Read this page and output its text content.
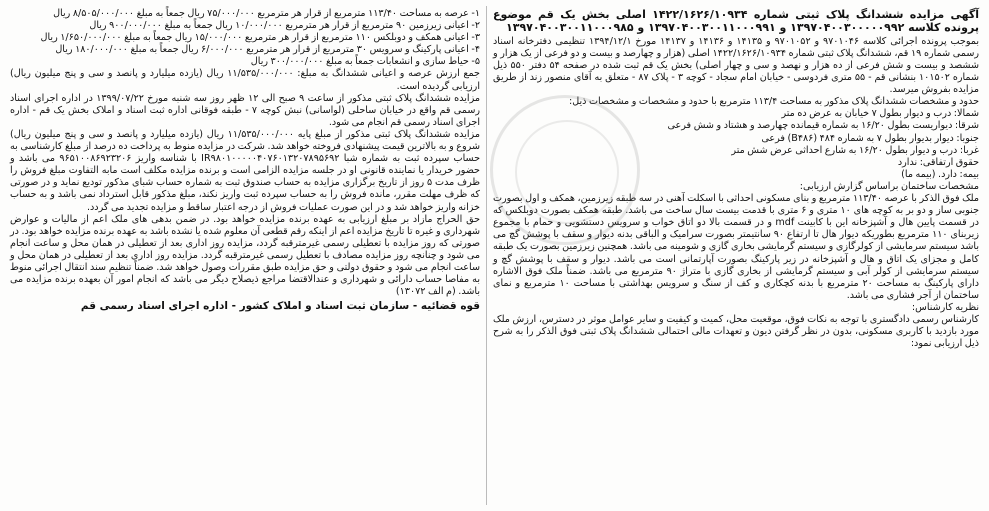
آگهی مزایده ششدانگ پلاک ثبتی شماره ۱۴۲۲/۱۶۲۶/۱۰۹۳۴ اصلی بخش یک قم موضوع پرونده کلاسه ۱۳۹۷۰۴۰۰۳۰۰۰۰۰۹۹۲ و ۱۳۹۷۰۴۰۰۳۰۰۱۱۰۰۰۹۹۱ و ۱۳۹۷۰۴۰۰۳۰۰۱۱۰۰۰۹۸۵

بموجب پرونده اجرائی کلاسه ۹۷۰۱۰۴۶ و ۹۷۰۱۰۵۲ و ۱۴۱۳۵ و ۱۴۱۳۶ و ۱۴۱۳۷ مورخ ۱۳۹۴/۱۲/۱ تنظیمی دفترخانه اسناد رسمی شماره ۱۹ قم، ششدانگ پلاک ثبتی شماره ۱۴۲۲/۱۶۲۶/۱۰۹۳۴ اصلی (هزار و چهارصد و بیست و دو فرعی از یک هزار و ششصد و بیست و شش فرعی از ده هزار و نهصد و سی و چهار اصلی) بخش یک قم ثبت شده در صفحه ۵۴ دفتر ۵۵۰ ذیل شماره ۱۰۱۵۰۲ بنشانی قم - ۵۵ متری فردوسی - خیابان امام سجاد - کوچه ۳ - پلاک ۸۷ - متعلق به آقای منصور زند از طریق مزایده بفروش میرسد.

حدود و مشخصات ششدانگ پلاک مذکور به مساحت ۱۱۳/۴ مترمربع با حدود و مشخصات و مشخصات ذیل:

شمالا: درب و دیوار بطول ۷ خیابان به عرض ده متر

شرقا: دیواریست بطول ۱۶/۲۰ به شماره قیمانده چهارصد و هشتاد و شش فرعی

جنوبا: دیوار بدیوار بطول ۷ به شماره ۴۸۴ (B۴۸۶) فرعی

غربا: درب و دیوار بطول ۱۶/۲۰ به شارع احداثی عرض شش متر

حقوق ارتفاقی: ندارد

بیمه: دارد. (بیمه ما)

مشخصات ساختمان براساس گزارش ارزیابی:

ملک فوق الذکر با عرصه ۱۱۳/۴۰ مترمربع و بنای مسکونی احداثی با اسکلت آهنی در سه طبقه زیرزمین، همکف و اول بصورت جنوبی ساز و دو بر به کوچه های ۱۰ متری و ۶ متری با قدمت بیست سال ساخت می باشد. طبقه همکف بصورت دوبلکس که در قسمت پایین هال و آشپزخانه این با کابینت mdf و در قسمت بالا دو اتاق خواب و سرویس دستشویی و حمام با مجموع زیربنای ۱۱۰ مترمربع بطوریکه دیوار هال تا ارتفاع ۹۰ سانتیمتر بصورت سرامیک و الباقی بدنه دیوار و سقف با پوشش گچ می باشد سیستم سرمایشی از کولرگازی و سیستم گرمایشی بخاری گازی و شومینه می باشد. همچنین زیرزمین بصورت یک طبقه کامل و مجزای یک اتاق و هال و آشپزخانه در زیر پارکینگ بصورت آپارتمانی است می باشد. دیوار و سقف با پوشش گچ و سیستم سرمایشی از کولر آبی و سیستم گرمایشی از بخاری گازی با متراژ ۹۰ مترمربع می باشد. ضمناً ملک فوق الاشاره دارای پارکینگ به مساحت ۲۰ مترمربع با بدنه کچکاری و کف از سنگ و سرویس بهداشتی با مساحت ۱۰ مترمربع و نمای ساختمان از آجر فشاری می باشد.

نظریه کارشناس:

کارشناس رسمی دادگستری با توجه به نکات فوق، موقعیت محل، کمیت و کیفیت و سایر عوامل موثر در دسترس، ارزش ملک مورد بازدید با کاربری مسکونی، بدون در نظر گرفتن دیون و تعهدات مالی احتمالی ششدانگ پلاک ثبتی فوق الذکر را به شرح ذیل ارزیابی نمود:

۱- عرصه به مساحت ۱۱۳/۴۰ مترمربع از قرار هر مترمربع ۷۵/۰۰۰/۰۰۰ ریال جمعاً به مبلغ ۸/۵۰۵/۰۰۰/۰۰۰ ریال

۲- اعیانی زیرزمین ۹۰ مترمربع از قرار هر مترمربع ۱۰/۰۰۰/۰۰۰ ریال جمعاً به مبلغ ۹۰۰/۰۰۰/۰۰۰ ریال

۳- اعیانی همکف و دوبلکس ۱۱۰ مترمربع از قرار هر مترمربع ۱۵/۰۰۰/۰۰۰ ریال جمعاً به مبلغ ۱/۶۵۰/۰۰۰/۰۰۰ ریال

۴- اعیانی پارکینگ و سرویس ۳۰ مترمربع از قرار هر مترمربع ۶/۰۰۰/۰۰۰ ریال جمعاً به مبلغ ۱۸۰/۰۰۰/۰۰۰ ریال

۵- حیاط سازی و انشعابات جمعاً به مبلغ ۳۰۰/۰۰۰/۰۰۰ ریال

جمع ارزش عرصه و اعیانی ششدانگ به مبلغ: ۱۱/۵۳۵/۰۰۰/۰۰۰ ریال (یازده میلیارد و پانصد و سی و پنج میلیون ریال) ارزیابی گردیده است.

مزایده ششدانگ پلاک ثبتی مذکور از ساعت ۹ صبح الی ۱۲ ظهر روز سه شنبه مورخ ۱۳۹۹/۰۷/۲۲ در اداره اجرای اسناد رسمی قم واقع در خیابان ساحلی (لواسانی) نبش کوچه ۷ - طبقه فوقانی اداره ثبت اسناد و املاک بخش یک قم - اداره اجرای اسناد رسمی قم انجام می شود.

مزایده ششدانگ پلاک ثبتی مذکور از مبلغ پایه ۱۱/۵۳۵/۰۰۰/۰۰۰ ریال (یازده میلیارد و پانصد و سی و پنج میلیون ریال) شروع و به بالاترین قیمت پیشنهادی فروخته خواهد شد. شرکت در مزایده منوط به پرداخت ده درصد از مبلغ کارشناسی به حساب سپرده ثبت به شماره شبا IR۹۸۰۱۰۰۰۰۰۴۰۷۶۰۱۳۲۰۷۸۹۵۶۹۲ با شناسه واریز ۹۶۵۱۰۰۸۶۹۲۳۲۰۶ می باشد و حضور خریدار یا نماینده قانونی او در جلسه مزایده الزامی است و برنده مزایده مکلف است مابه التفاوت مبلغ فروش را ظرف مدت ۵ روز از تاریخ برگزاری مزایده به حساب صندوق ثبت به شماره حساب شبای مذکور تودیع نماید و در صورتی که ظرف مهلت مقرر، مانده فروش را به حساب سپرده ثبت واریز نکند، مبلغ مذکور قابل استرداد نمی باشد و به حساب خزانه واریز خواهد شد و در این صورت عملیات فروش از درجه اعتبار ساقط و مزایده تجدید می گردد.

حق الحراج مازاد بر مبلغ ارزیابی به عهده برنده مزایده خواهد بود. در ضمن بدهی های ملک اعم از مالیات و عوارض شهرداری و غیره تا تاریخ مزایده اعم از اینکه رقم قطعی آن معلوم شده یا نشده باشد به عهده برنده مزایده خواهد بود. در صورتی که روز مزایده با تعطیلی رسمی غیرمترقبه گردد، مزایده روز اداری بعد از تعطیلی در همان محل و ساعت انجام می شود و چنانچه روز مزایده مصادف با تعطیل رسمی غیرمترقبه گردد. مزایده روز اداری بعد از تعطیلی در همان محل و ساعت انجام می شود و حقوق دولتی و حق مزایده طبق مقررات وصول خواهد شد. ضمناً تنظیم سند انتقال اجرائی منوط به مفاصا حساب دارائی و شهرداری و عندالاقتضا مراجع ذیصلاح دیگر می باشد که انجام امور آن بعهده برنده مزایده می باشد. (م الف ۱۳۰۷۲)

قوه قضائیه - سازمان ثبت اسناد و املاک کشور - اداره اجرای اسناد رسمی قم
